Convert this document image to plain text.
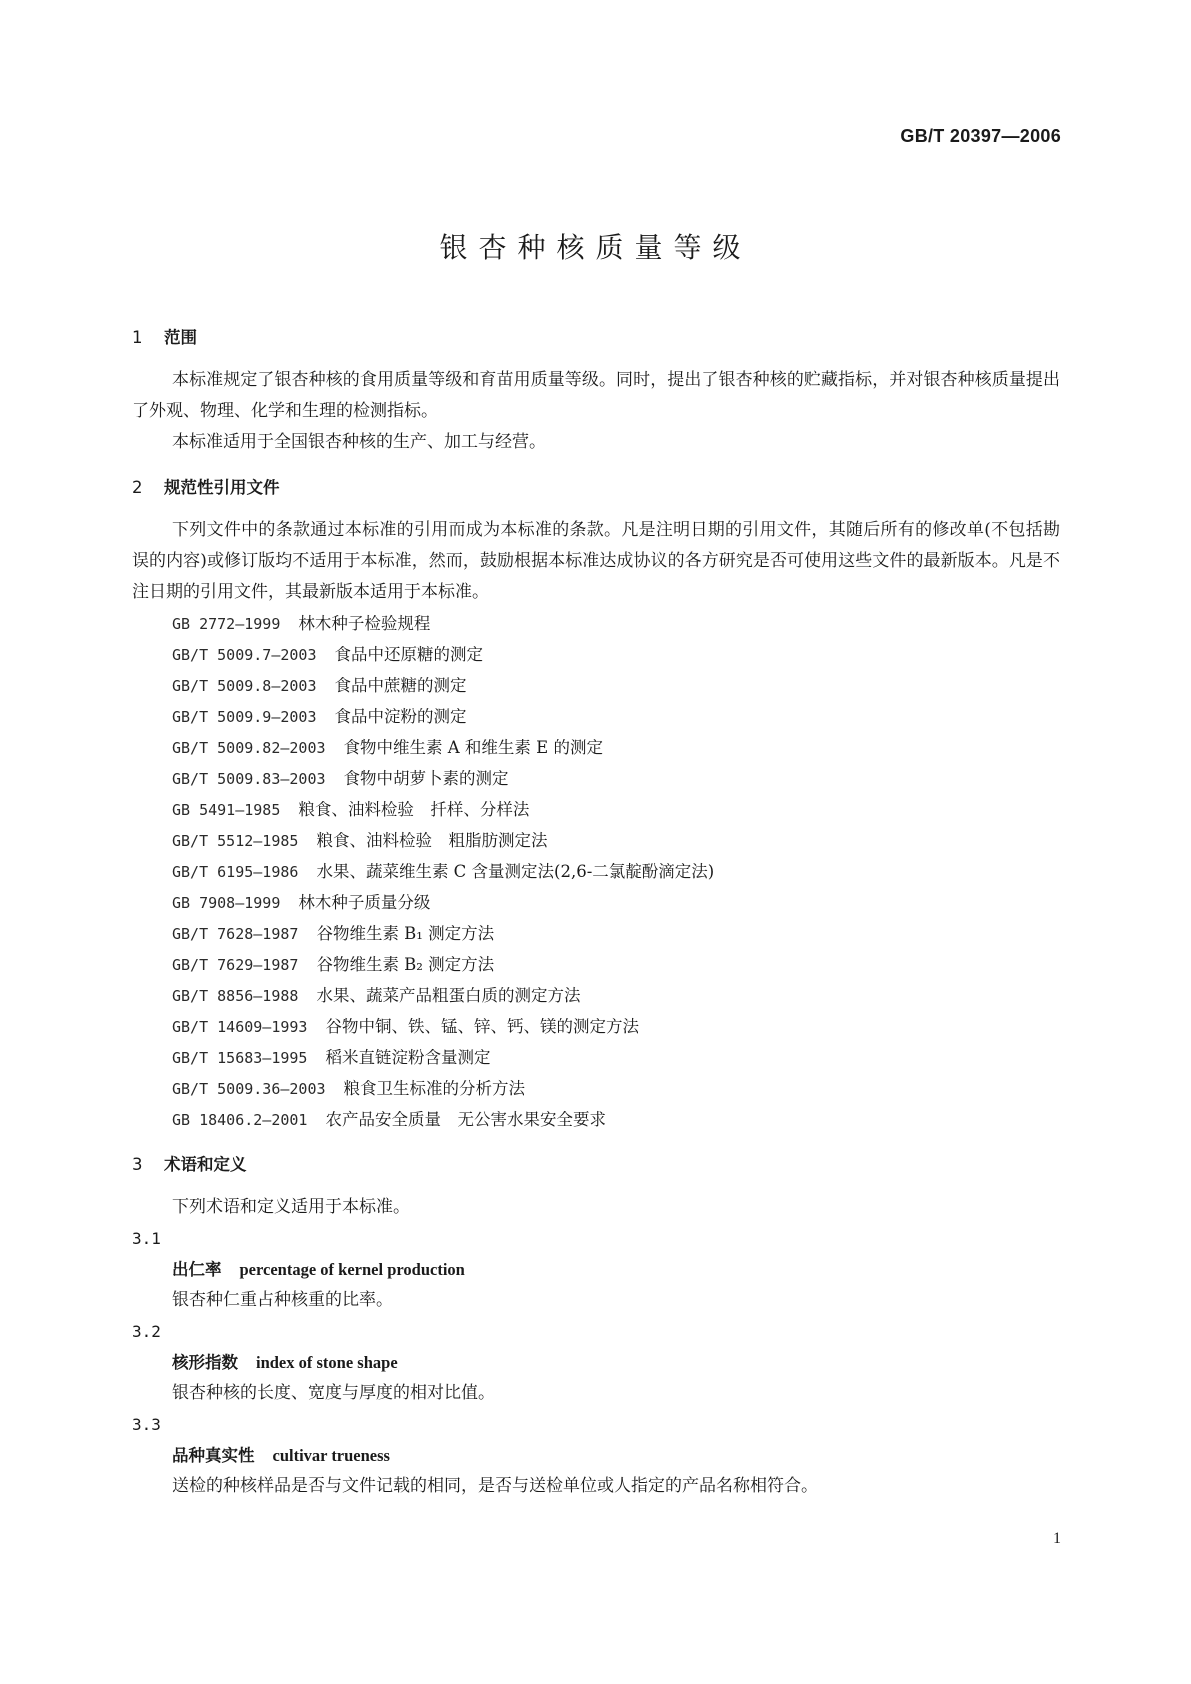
GB/T 20397—2006
银杏种核质量等级
1 范围

本标准规定了银杏种核的食用质量等级和育苗用质量等级。同时，提出了银杏种核的贮藏指标，并对银杏种核质量提出了外观、物理、化学和生理的检测指标。

本标准适用于全国银杏种核的生产、加工与经营。
2 规范性引用文件

下列文件中的条款通过本标准的引用而成为本标准的条款。凡是注明日期的引用文件，其随后所有的修改单(不包括勘误的内容)或修订版均不适用于本标准，然而，鼓励根据本标准达成协议的各方研究是否可使用这些文件的最新版本。凡是不注日期的引用文件，其最新版本适用于本标准。

GB 2772—1999 林木种子检验规程
GB/T 5009.7—2003 食品中还原糖的测定
GB/T 5009.8—2003 食品中蔗糖的测定
GB/T 5009.9—2003 食品中淀粉的测定
GB/T 5009.82—2003 食物中维生素 A 和维生素 E 的测定
GB/T 5009.83—2003 食物中胡萝卜素的测定
GB 5491—1985 粮食、油料检验　扦样、分样法
GB/T 5512—1985 粮食、油料检验　粗脂肪测定法
GB/T 6195—1986 水果、蔬菜维生素 C 含量测定法(2,6-二氯靛酚滴定法)
GB 7908—1999 林木种子质量分级
GB/T 7628—1987 谷物维生素 B₁ 测定方法
GB/T 7629—1987 谷物维生素 B₂ 测定方法
GB/T 8856—1988 水果、蔬菜产品粗蛋白质的测定方法
GB/T 14609—1993 谷物中铜、铁、锰、锌、钙、镁的测定方法
GB/T 15683—1995 稻米直链淀粉含量测定
GB/T 5009.36—2003 粮食卫生标准的分析方法
GB 18406.2—2001 农产品安全质量　无公害水果安全要求
3 术语和定义
下列术语和定义适用于本标准。
3.1
出仁率 percentage of kernel production
银杏种仁重占种核重的比率。
3.2
核形指数 index of stone shape
银杏种核的长度、宽度与厚度的相对比值。
3.3
品种真实性 cultivar trueness
送检的种核样品是否与文件记载的相同，是否与送检单位或人指定的产品名称相符合。
1
